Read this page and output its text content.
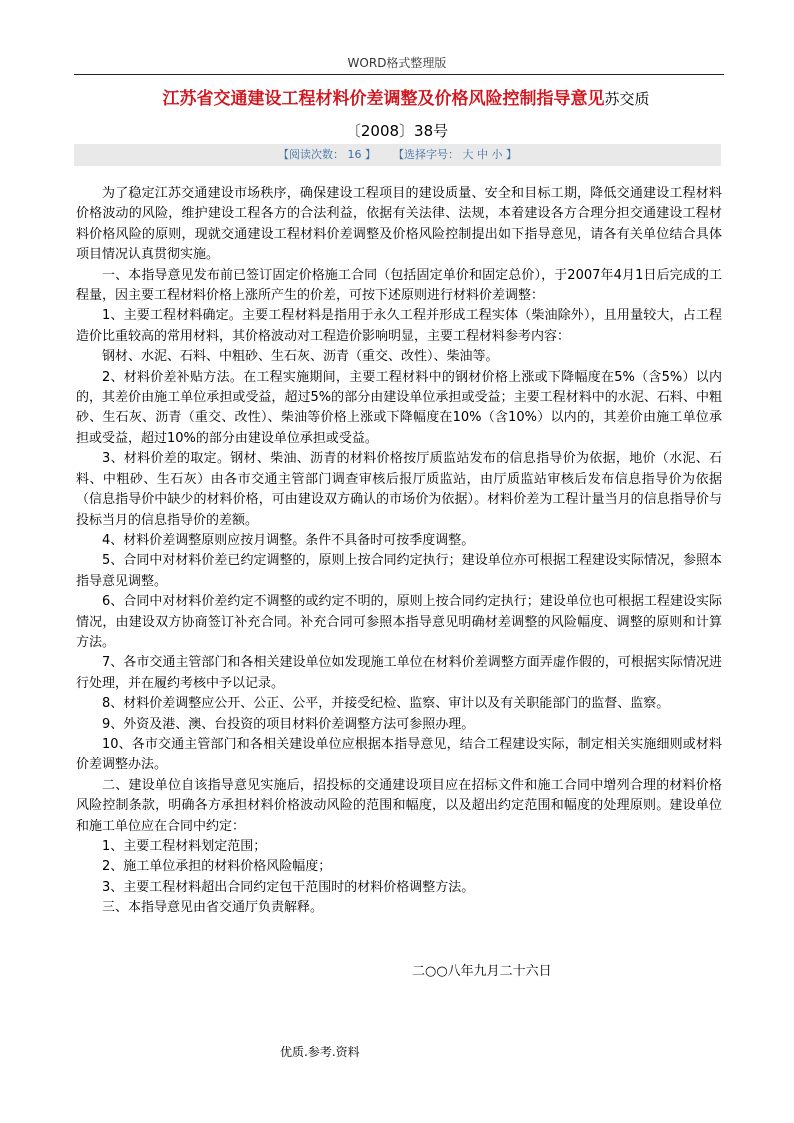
WORD格式整理版
江苏省交通建设工程材料价差调整及价格风险控制指导意见苏交质
〔2008〕38号
【阅读次数： 16 】 【选择字号： 大 中 小 】

为了稳定江苏交通建设市场秩序，确保建设工程项目的建设质量、安全和目标工期，降低交通建设工程材料价格波动的风险，维护建设工程各方的合法利益，依据有关法律、法规，本着建设各方合理分担交通建设工程材料价格风险的原则，现就交通建设工程材料价差调整及价格风险控制提出如下指导意见，请各有关单位结合具体项目情况认真贯彻实施。

一、本指导意见发布前已签订固定价格施工合同（包括固定单价和固定总价），于2007年4月1日后完成的工程量，因主要工程材料价格上涨所产生的价差，可按下述原则进行材料价差调整：

1、主要工程材料确定。主要工程材料是指用于永久工程并形成工程实体（柴油除外），且用量较大，占工程造价比重较高的常用材料，其价格波动对工程造价影响明显，主要工程材料参考内容：

钢材、水泥、石料、中粗砂、生石灰、沥青（重交、改性）、柴油等。

2、材料价差补贴方法。在工程实施期间，主要工程材料中的钢材价格上涨或下降幅度在5%（含5%）以内的，其差价由施工单位承担或受益，超过5%的部分由建设单位承担或受益；主要工程材料中的水泥、石料、中粗砂、生石灰、沥青（重交、改性）、柴油等价格上涨或下降幅度在10%（含10%）以内的，其差价由施工单位承担或受益，超过10%的部分由建设单位承担或受益。

3、材料价差的取定。钢材、柴油、沥青的材料价格按厅质监站发布的信息指导价为依据，地价（水泥、石料、中粗砂、生石灰）由各市交通主管部门调查审核后报厅质监站，由厅质监站审核后发布信息指导价为依据（信息指导价中缺少的材料价格，可由建设双方确认的市场价为依据）。材料价差为工程计量当月的信息指导价与投标当月的信息指导价的差额。

4、材料价差调整原则应按月调整。条件不具备时可按季度调整。

5、合同中对材料价差已约定调整的，原则上按合同约定执行；建设单位亦可根据工程建设实际情况，参照本指导意见调整。

6、合同中对材料价差约定不调整的或约定不明的，原则上按合同约定执行；建设单位也可根据工程建设实际情况，由建设双方协商签订补充合同。补充合同可参照本指导意见明确材差调整的风险幅度、调整的原则和计算方法。

7、各市交通主管部门和各相关建设单位如发现施工单位在材料价差调整方面弄虚作假的，可根据实际情况进行处理，并在履约考核中予以记录。

8、材料价差调整应公开、公正、公平，并接受纪检、监察、审计以及有关职能部门的监督、监察。

9、外资及港、澳、台投资的项目材料价差调整方法可参照办理。

10、各市交通主管部门和各相关建设单位应根据本指导意见，结合工程建设实际，制定相关实施细则或材料价差调整办法。

二、建设单位自该指导意见实施后，招投标的交通建设项目应在招标文件和施工合同中增列合理的材料价格风险控制条款，明确各方承担材料价格波动风险的范围和幅度，以及超出约定范围和幅度的处理原则。建设单位和施工单位应在合同中约定：

1、主要工程材料划定范围；

2、施工单位承担的材料价格风险幅度；

3、主要工程材料超出合同约定包干范围时的材料价格调整方法。

三、本指导意见由省交通厅负责解释。

二○○八年九月二十六日
优质.参考.资料
